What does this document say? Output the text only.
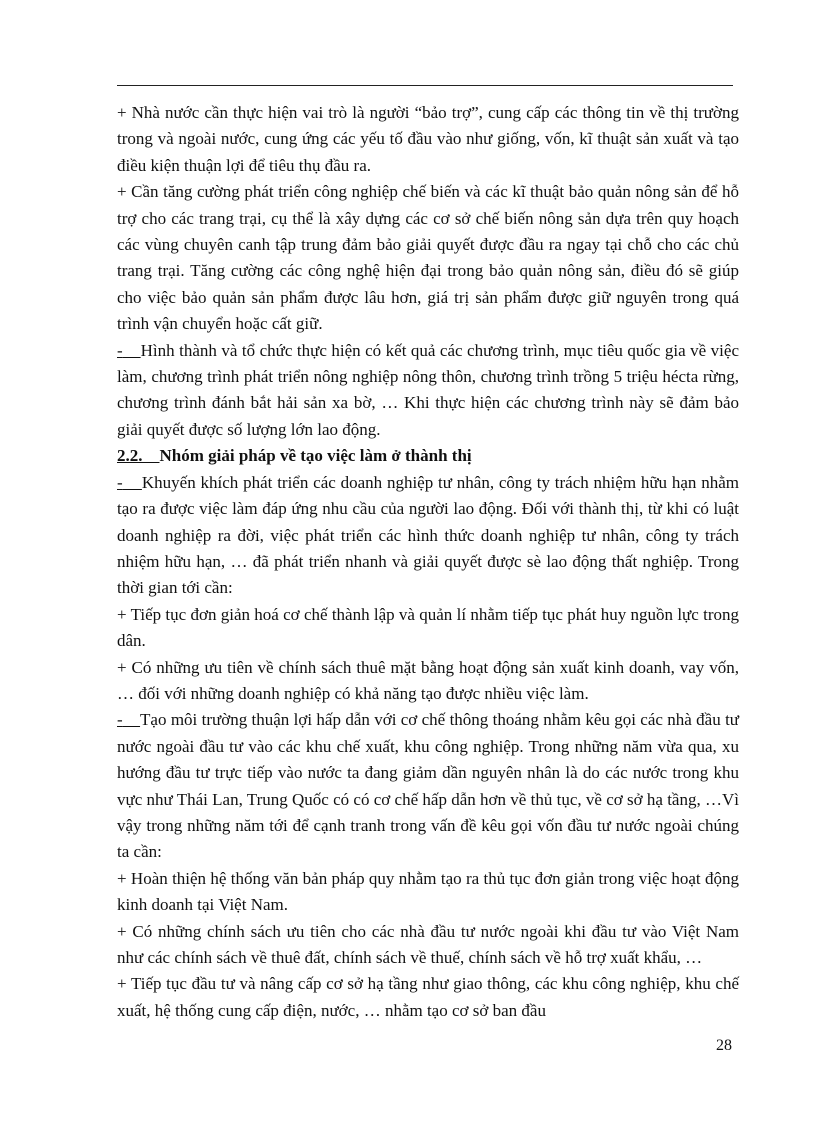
+ Nhà nước cần thực hiện vai trò là người “bảo trợ”, cung cấp các thông tin về thị trường trong và ngoài nước, cung ứng các yếu tố đầu vào như giống, vốn, kĩ thuật sản xuất và tạo điều kiện thuận lợi để tiêu thụ đầu ra.

+ Cần tăng cường phát triển công nghiệp chế biến và các kĩ thuật bảo quản nông sản để hỗ trợ cho các trang trại, cụ thể là xây dựng các cơ sở chế biến nông sản dựa trên quy hoạch các vùng chuyên canh tập trung đảm bảo giải quyết được đầu ra ngay tại chỗ cho các chủ trang trại. Tăng cường các công nghệ hiện đại trong bảo quản nông sản, điều đó sẽ giúp cho việc bảo quản sản phẩm được lâu hơn, giá trị sản phẩm được giữ nguyên trong quá trình vận chuyển hoặc cất giữ.

- Hình thành và tổ chức thực hiện có kết quả các chương trình, mục tiêu quốc gia về việc làm, chương trình phát triển nông nghiệp nông thôn, chương trình trồng 5 triệu hécta rừng, chương trình đánh bắt hải sản xa bờ, … Khi thực hiện các chương trình này sẽ đảm bảo giải quyết được số lượng lớn lao động.

2.2. Nhóm giải pháp về tạo việc làm ở thành thị

- Khuyến khích phát triển các doanh nghiệp tư nhân, công ty trách nhiệm hữu hạn nhằm tạo ra được việc làm đáp ứng nhu cầu của người lao động. Đối với thành thị, từ khi có luật doanh nghiệp ra đời, việc phát triển các hình thức doanh nghiệp tư nhân, công ty trách nhiệm hữu hạn, … đã phát triển nhanh và giải quyết được sè lao động thất nghiệp. Trong thời gian tới cần:

+ Tiếp tục đơn giản hoá cơ chế thành lập và quản lí nhằm tiếp tục phát huy nguồn lực trong dân.

+ Có những ưu tiên về chính sách thuê mặt bằng hoạt động sản xuất kinh doanh, vay vốn, … đối với những doanh nghiệp có khả năng tạo được nhiều việc làm.

- Tạo môi trường thuận lợi hấp dẫn với cơ chế thông thoáng nhằm kêu gọi các nhà đầu tư nước ngoài đầu tư vào các khu chế xuất, khu công nghiệp. Trong những năm vừa qua, xu hướng đầu tư trực tiếp vào nước ta đang giảm dần nguyên nhân là do các nước trong khu vực như Thái Lan, Trung Quốc có có cơ chế hấp dẫn hơn về thủ tục, về cơ sở hạ tầng, …Vì vậy trong những năm tới để cạnh tranh trong vấn đề kêu gọi vốn đầu tư nước ngoài chúng ta cần:

+ Hoàn thiện hệ thống văn bản pháp quy nhằm tạo ra thủ tục đơn giản trong việc hoạt động kinh doanh tại Việt Nam.

+ Có những chính sách ưu tiên cho các nhà đầu tư nước ngoài khi đầu tư vào Việt Nam như các chính sách về thuê đất, chính sách về thuế, chính sách về hỗ trợ xuất khẩu, …

+ Tiếp tục đầu tư và nâng cấp cơ sở hạ tầng như giao thông, các khu công nghiệp, khu chế xuất, hệ thống cung cấp điện, nước, … nhằm tạo cơ sở ban đầu

28
